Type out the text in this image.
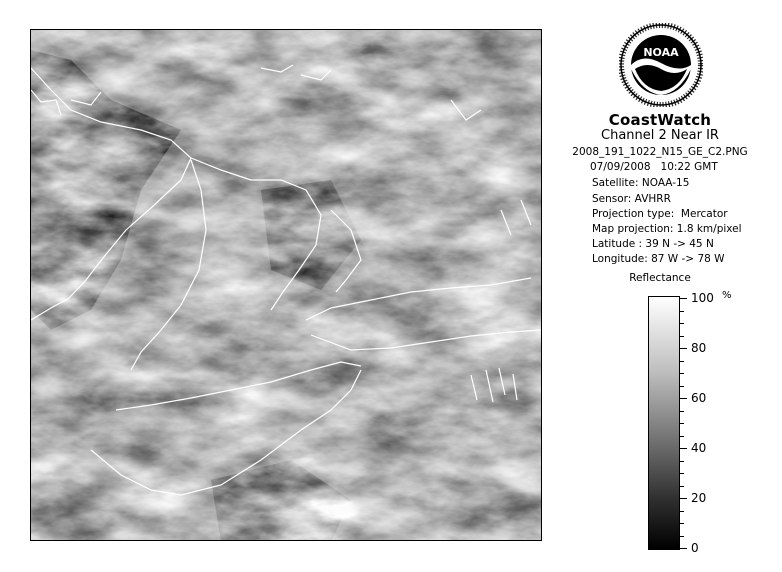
NOAA
CoastWatch
Channel 2 Near IR
2008_191_1022_N15_GE_C2.PNG
07/09/2008   10:22 GMT
Satellite: NOAA-15
Sensor: AVHRR
Projection type:  Mercator
Map projection: 1.8 km/pixel
Latitude : 39 N -> 45 N
Longitude: 87 W -> 78 W
Reflectance
%
100
80
60
40
20
0
